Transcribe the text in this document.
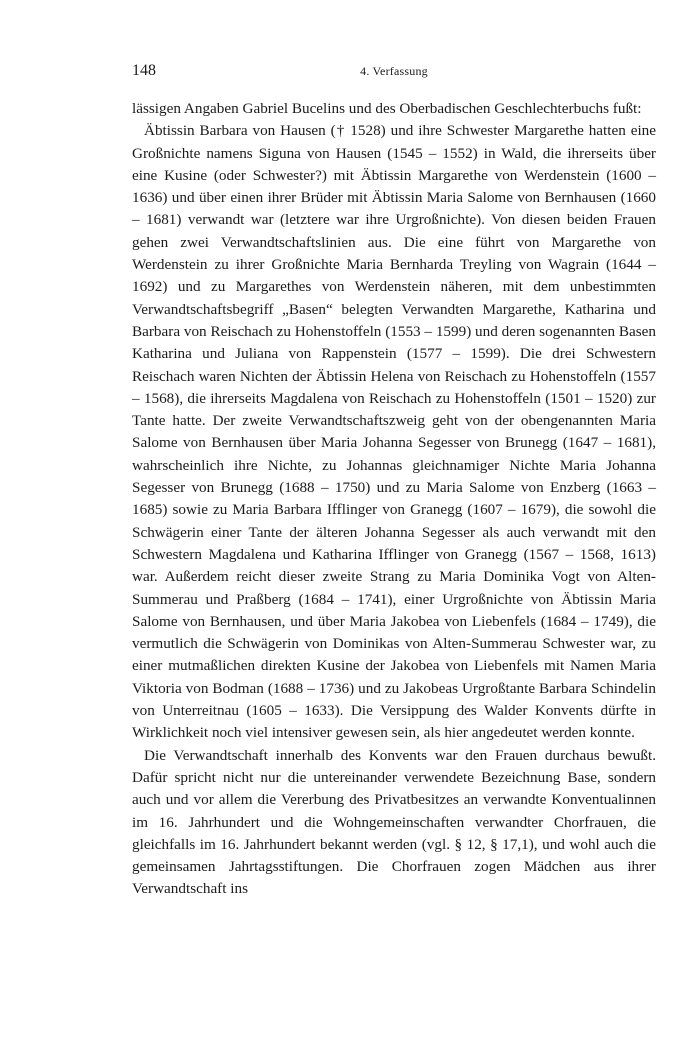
148	4. Verfassung

lässigen Angaben Gabriel Bucelins und des Oberbadischen Geschlechterbuchs fußt:

Äbtissin Barbara von Hausen († 1528) und ihre Schwester Margarethe hatten eine Großnichte namens Siguna von Hausen (1545 – 1552) in Wald, die ihrerseits über eine Kusine (oder Schwester?) mit Äbtissin Margarethe von Werdenstein (1600 – 1636) und über einen ihrer Brüder mit Äbtissin Maria Salome von Bernhausen (1660 – 1681) verwandt war (letztere war ihre Urgroßnichte). Von diesen beiden Frauen gehen zwei Verwandtschaftslinien aus. Die eine führt von Margarethe von Werdenstein zu ihrer Großnichte Maria Bernharda Treyling von Wagrain (1644 – 1692) und zu Margarethes von Werdenstein näheren, mit dem unbestimmten Verwandtschaftsbegriff „Basen“ belegten Verwandten Margarethe, Katharina und Barbara von Reischach zu Hohenstoffeln (1553 – 1599) und deren sogenannten Basen Katharina und Juliana von Rappenstein (1577 – 1599). Die drei Schwestern Reischach waren Nichten der Äbtissin Helena von Reischach zu Hohenstoffeln (1557 – 1568), die ihrerseits Magdalena von Reischach zu Hohenstoffeln (1501 – 1520) zur Tante hatte. Der zweite Verwandtschaftszweig geht von der obengenannten Maria Salome von Bernhausen über Maria Johanna Segesser von Brunegg (1647 – 1681), wahrscheinlich ihre Nichte, zu Johannas gleichnamiger Nichte Maria Johanna Segesser von Brunegg (1688 – 1750) und zu Maria Salome von Enzberg (1663 – 1685) sowie zu Maria Barbara Ifflinger von Granegg (1607 – 1679), die sowohl die Schwägerin einer Tante der älteren Johanna Segesser als auch verwandt mit den Schwestern Magdalena und Katharina Ifflinger von Granegg (1567 – 1568, 1613) war. Außerdem reicht dieser zweite Strang zu Maria Dominika Vogt von Alten-Summerau und Praßberg (1684 – 1741), einer Urgroßnichte von Äbtissin Maria Salome von Bernhausen, und über Maria Jakobea von Liebenfels (1684 – 1749), die vermutlich die Schwägerin von Dominikas von Alten-Summerau Schwester war, zu einer mutmaßlichen direkten Kusine der Jakobea von Liebenfels mit Namen Maria Viktoria von Bodman (1688 – 1736) und zu Jakobeas Urgroßtante Barbara Schindelin von Unterreitnau (1605 – 1633). Die Versippung des Walder Konvents dürfte in Wirklichkeit noch viel intensiver gewesen sein, als hier angedeutet werden konnte.

Die Verwandtschaft innerhalb des Konvents war den Frauen durchaus bewußt. Dafür spricht nicht nur die untereinander verwendete Bezeichnung Base, sondern auch und vor allem die Vererbung des Privatbesitzes an verwandte Konventualinnen im 16. Jahrhundert und die Wohngemeinschaften verwandter Chorfrauen, die gleichfalls im 16. Jahrhundert bekannt werden (vgl. § 12, § 17,1), und wohl auch die gemeinsamen Jahrtagsstiftungen. Die Chorfrauen zogen Mädchen aus ihrer Verwandtschaft ins
